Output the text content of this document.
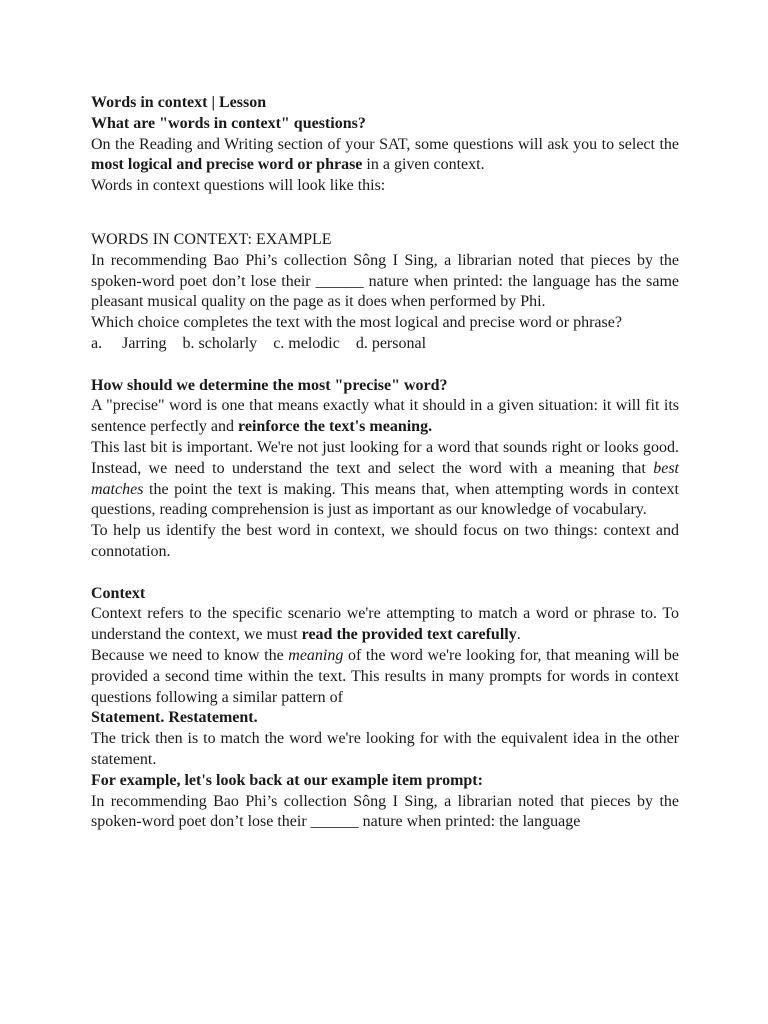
Words in context | Lesson
What are "words in context" questions?
On the Reading and Writing section of your SAT, some questions will ask you to select the most logical and precise word or phrase in a given context.
Words in context questions will look like this:
WORDS IN CONTEXT: EXAMPLE
In recommending Bao Phi’s collection Sông I Sing, a librarian noted that pieces by the spoken-word poet don’t lose their ______ nature when printed: the language has the same pleasant musical quality on the page as it does when performed by Phi.
Which choice completes the text with the most logical and precise word or phrase?
a.     Jarring b. scholarly c. melodic d. personal
How should we determine the most "precise" word?
A "precise" word is one that means exactly what it should in a given situation: it will fit its sentence perfectly and reinforce the text's meaning.
This last bit is important. We're not just looking for a word that sounds right or looks good. Instead, we need to understand the text and select the word with a meaning that best matches the point the text is making. This means that, when attempting words in context questions, reading comprehension is just as important as our knowledge of vocabulary.
To help us identify the best word in context, we should focus on two things: context and connotation.
Context
Context refers to the specific scenario we're attempting to match a word or phrase to. To understand the context, we must read the provided text carefully.
Because we need to know the meaning of the word we're looking for, that meaning will be provided a second time within the text. This results in many prompts for words in context questions following a similar pattern of
Statement. Restatement.
The trick then is to match the word we're looking for with the equivalent idea in the other statement.
For example, let's look back at our example item prompt:
In recommending Bao Phi’s collection Sông I Sing, a librarian noted that pieces by the spoken-word poet don’t lose their ______ nature when printed: the language
